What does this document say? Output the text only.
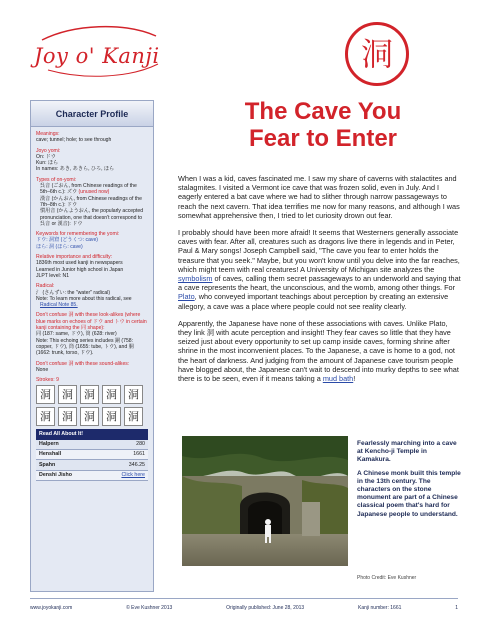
Joy o' Kanji	洞
Character Profile
Meanings:
cave; tunnel; hole; to see through
Joyo yomi:
On: ドウ
Kun: ほら
In names: あき, あきら, ひろ, ほら
Types of on-yomi:
呉音 (ごおん, from Chinese readings of the 5th–6th c.): ズウ (unused now)
漢音 (かんおん, from Chinese readings of the 7th–8th c.): ドウ
慣用音 (かんようおん, the popularly accepted pronunciation, one that doesn't correspond to 呉音 or 漢音): ドウ
Keywords for remembering the yomi:
ドウ: 洞窟 (どうくつ: cave)
ほら: 洞 (ほら: cave)
Relative importance and difficulty:
1836th most used kanji in newspapers
Learned in Junior high school in Japan
JLPT level: N1
Radical:
氵 (さんずい: the "water" radical)
Note: To learn more about this radical, see
Radical Note 85.
Don't confuse 洞 with these look-alikes (where blue marks on echoes of ドウ and トウ in certain kanji containing the 同 shape):
同 (187: same, ドウ), 筒 (628: river)
Note: This echoing series includes 銅 (758: copper, ドウ), 筒 (1655: tube, トウ), and 胴 (1662: trunk, torso, ドウ).
Don't confuse 洞 with these sound-alikes:
None
Strokes: 9
洞	洞	洞	洞	洞
洞	洞	洞	洞	洞
Read All About It!
Halpern	280
Henshall	1661
Spahn	346.25
Denshi Jisho	Click here
The Cave You
Fear to Enter

When I was a kid, caves fascinated me. I saw my share of caverns with stalactites and stalagmites. I visited a Vermont ice cave that was frozen solid, even in July. And I eagerly entered a bat cave where we had to slither through narrow passageways to reach the next cavern. That idea terrifies me now for many reasons, and although I was somewhat apprehensive then, I tried to let curiosity drown out fear.

I probably should have been more afraid! It seems that Westerners generally associate caves with fear. After all, creatures such as dragons live there in legends and in Peter, Paul & Mary songs! Joseph Campbell said, "The cave you fear to enter holds the treasure that you seek." Maybe, but you won't know until you delve into the far reaches, which might teem with real creatures! A University of Michigan site analyzes the symbolism of caves, calling them secret passageways to an underworld and saying that a cave represents the heart, the unconscious, and the womb, among other things. For Plato, who conveyed important teachings about perception by creating an extensive allegory, a cave was a place where people could not see reality clearly.

Apparently, the Japanese have none of these associations with caves. Unlike Plato, they link 洞 with acute perception and insight! They fear caves so little that they have seized just about every opportunity to set up camp inside caves, forming shrine after shrine in the most inconvenient places. To the Japanese, a cave is home to a god, not the heart of darkness. And judging from the amount of Japanese cave tourism people have blogged about, the Japanese can't wait to descend into murky depths to see what there is to be seen, even if it means taking a mud bath!

Fearlessly marching into a cave at Kencho-ji Temple in Kamakura.

A Chinese monk built this temple in the 13th century. The characters on the stone monument are part of a Chinese classical poem that's hard for Japanese people to understand.

Photo Credit: Eve Kushner
www.joyokanji.com	© Eve Kushner 2013	Originally published: June 28, 2013	Kanji number: 1661	1
